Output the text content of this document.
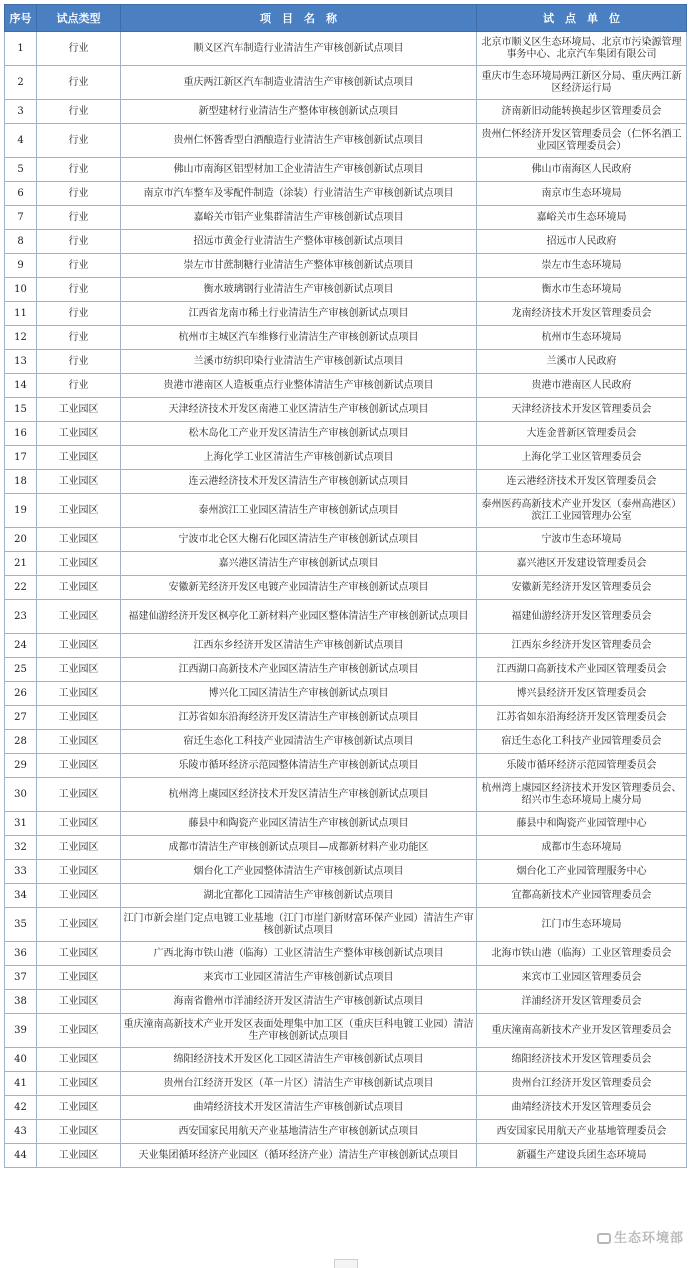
序号	试点类型	项　目　名　称	试　点　单　位
1	行业	顺义区汽车制造行业清洁生产审核创新试点项目	北京市顺义区生态环境局、北京市污染源管理事务中心、北京汽车集团有限公司
2	行业	重庆两江新区汽车制造业清洁生产审核创新试点项目	重庆市生态环境局两江新区分局、重庆两江新区经济运行局
3	行业	新型建材行业清洁生产整体审核创新试点项目	济南新旧动能转换起步区管理委员会
4	行业	贵州仁怀酱香型白酒酿造行业清洁生产审核创新试点项目	贵州仁怀经济开发区管理委员会（仁怀名酒工业园区管理委员会）
5	行业	佛山市南海区铝型材加工企业清洁生产审核创新试点项目	佛山市南海区人民政府
6	行业	南京市汽车整车及零配件制造（涂装）行业清洁生产审核创新试点项目	南京市生态环境局
7	行业	嘉峪关市铝产业集群清洁生产审核创新试点项目	嘉峪关市生态环境局
8	行业	招远市黄金行业清洁生产整体审核创新试点项目	招远市人民政府
9	行业	崇左市甘蔗制糖行业清洁生产整体审核创新试点项目	崇左市生态环境局
10	行业	衡水玻璃钢行业清洁生产审核创新试点项目	衡水市生态环境局
11	行业	江西省龙南市稀土行业清洁生产审核创新试点项目	龙南经济技术开发区管理委员会
12	行业	杭州市主城区汽车维修行业清洁生产审核创新试点项目	杭州市生态环境局
13	行业	兰溪市纺织印染行业清洁生产审核创新试点项目	兰溪市人民政府
14	行业	贵港市港南区人造板重点行业整体清洁生产审核创新试点项目	贵港市港南区人民政府
15	工业园区	天津经济技术开发区南港工业区清洁生产审核创新试点项目	天津经济技术开发区管理委员会
16	工业园区	松木岛化工产业开发区清洁生产审核创新试点项目	大连金普新区管理委员会
17	工业园区	上海化学工业区清洁生产审核创新试点项目	上海化学工业区管理委员会
18	工业园区	连云港经济技术开发区清洁生产审核创新试点项目	连云港经济技术开发区管理委员会
19	工业园区	泰州滨江工业园区清洁生产审核创新试点项目	泰州医药高新技术产业开发区（泰州高港区）滨江工业园管理办公室
20	工业园区	宁波市北仑区大榭石化园区清洁生产审核创新试点项目	宁波市生态环境局
21	工业园区	嘉兴港区清洁生产审核创新试点项目	嘉兴港区开发建设管理委员会
22	工业园区	安徽新芜经济开发区电镀产业园清洁生产审核创新试点项目	安徽新芜经济开发区管理委员会
23	工业园区	福建仙游经济开发区枫亭化工新材料产业园区整体清洁生产审核创新试点项目	福建仙游经济开发区管理委员会
24	工业园区	江西东乡经济开发区清洁生产审核创新试点项目	江西东乡经济开发区管理委员会
25	工业园区	江西湖口高新技术产业园区清洁生产审核创新试点项目	江西湖口高新技术产业园区管理委员会
26	工业园区	博兴化工园区清洁生产审核创新试点项目	博兴县经济开发区管理委员会
27	工业园区	江苏省如东沿海经济开发区清洁生产审核创新试点项目	江苏省如东沿海经济开发区管理委员会
28	工业园区	宿迁生态化工科技产业园清洁生产审核创新试点项目	宿迁生态化工科技产业园管理委员会
29	工业园区	乐陵市循环经济示范园整体清洁生产审核创新试点项目	乐陵市循环经济示范园管理委员会
30	工业园区	杭州湾上虞园区经济技术开发区清洁生产审核创新试点项目	杭州湾上虞园区经济技术开发区管理委员会、绍兴市生态环境局上虞分局
31	工业园区	藤县中和陶瓷产业园区清洁生产审核创新试点项目	藤县中和陶瓷产业园管理中心
32	工业园区	成都市清洁生产审核创新试点项目—成都新材料产业功能区	成都市生态环境局
33	工业园区	烟台化工产业园整体清洁生产审核创新试点项目	烟台化工产业园管理服务中心
34	工业园区	湖北宜都化工园清洁生产审核创新试点项目	宜都高新技术产业园管理委员会
35	工业园区	江门市新会崖门定点电镀工业基地（江门市崖门新财富环保产业园）清洁生产审核创新试点项目	江门市生态环境局
36	工业园区	广西北海市铁山港（临海）工业区清洁生产整体审核创新试点项目	北海市铁山港（临海）工业区管理委员会
37	工业园区	来宾市工业园区清洁生产审核创新试点项目	来宾市工业园区管理委员会
38	工业园区	海南省儋州市洋浦经济开发区清洁生产审核创新试点项目	洋浦经济开发区管理委员会
39	工业园区	重庆潼南高新技术产业开发区表面处理集中加工区（重庆巨科电镀工业园）清洁生产审核创新试点项目	重庆潼南高新技术产业开发区管理委员会
40	工业园区	绵阳经济技术开发区化工园区清洁生产审核创新试点项目	绵阳经济技术开发区管理委员会
41	工业园区	贵州台江经济开发区（革一片区）清洁生产审核创新试点项目	贵州台江经济开发区管理委员会
42	工业园区	曲靖经济技术开发区清洁生产审核创新试点项目	曲靖经济技术开发区管理委员会
43	工业园区	西安国家民用航天产业基地清洁生产审核创新试点项目	西安国家民用航天产业基地管理委员会
44	工业园区	天业集团循环经济产业园区（循环经济产业）清洁生产审核创新试点项目	新疆生产建设兵团生态环境局
生态环境部
